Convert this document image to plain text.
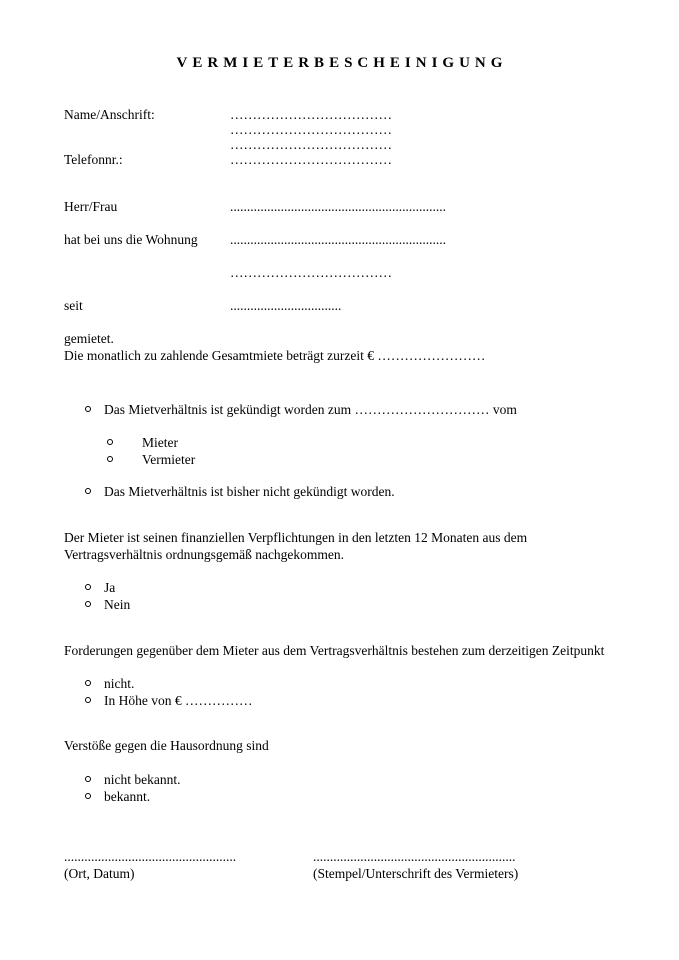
VERMIETERBESCHEINIGUNG
Name/Anschrift:	………………………………
………………………………
………………………………
Telefonnr.:	………………………………
Herr/Frau	................................................................
hat bei uns die Wohnung	................................................................
………………………………
seit	.................................

gemietet.

Die monatlich zu zahlende Gesamtmiete beträgt zurzeit € ……………………

Das Mietverhältnis ist gekündigt worden zum ………………………… vom
Mieter
Vermieter
Das Mietverhältnis ist bisher nicht gekündigt worden.

Der Mieter ist seinen finanziellen Verpflichtungen in den letzten 12 Monaten aus dem Vertragsverhältnis ordnungsgemäß nachgekommen.

Ja
Nein

Forderungen gegenüber dem Mieter aus dem Vertragsverhältnis bestehen zum derzeitigen Zeitpunkt

nicht.
In Höhe von € ……………

Verstöße gegen die Hausordnung sind

nicht bekannt.
bekannt.
...................................................
(Ort, Datum)
............................................................
(Stempel/Unterschrift des Vermieters)
